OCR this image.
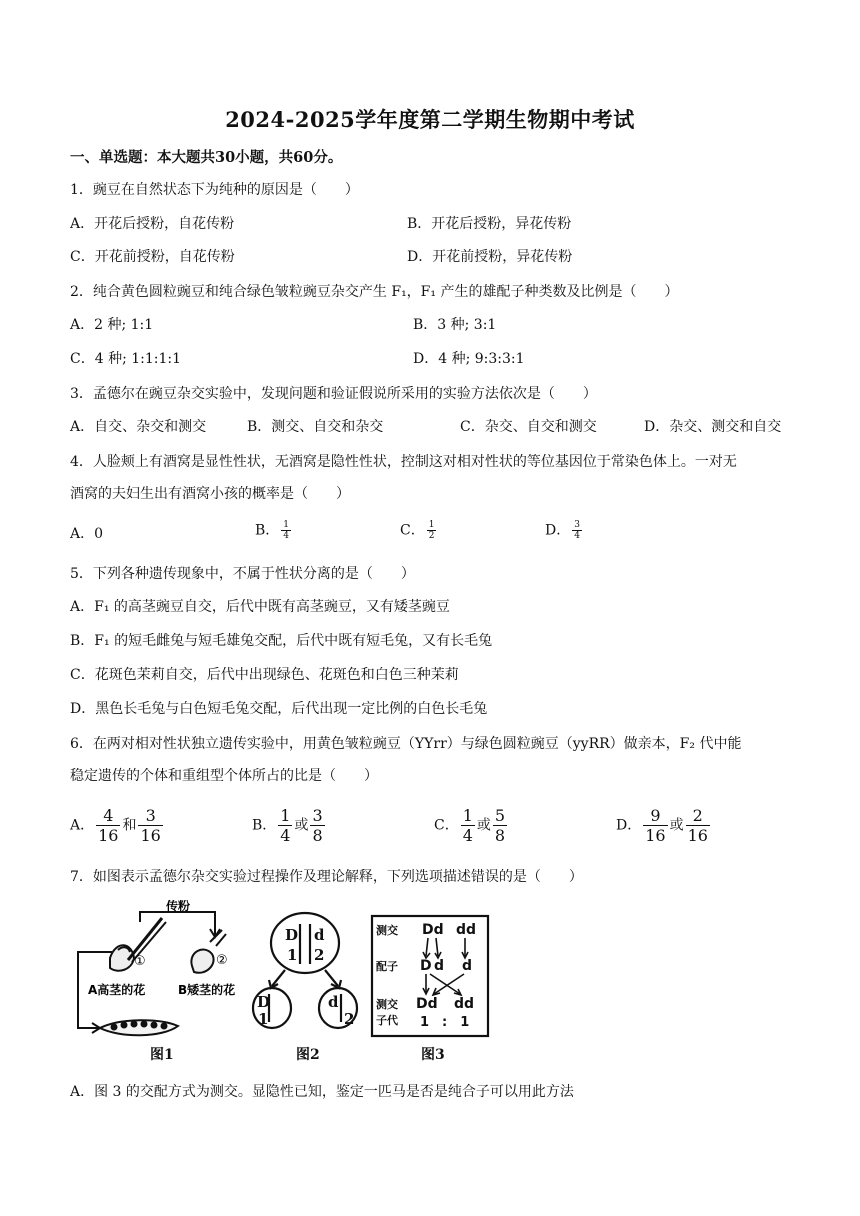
2024-2025学年度第二学期生物期中考试
一、单选题：本大题共30小题，共60分。
1．豌豆在自然状态下为纯种的原因是（　　）
A．开花后授粉，自花传粉	B．开花后授粉，异花传粉
C．开花前授粉，自花传粉	D．开花前授粉，异花传粉
2．纯合黄色圆粒豌豆和纯合绿色皱粒豌豆杂交产生 F₁，F₁ 产生的雄配子种类数及比例是（　　）
A．2 种; 1:1	B．3 种; 3:1
C．4 种; 1:1:1:1	D．4 种; 9:3:3:1
3．孟德尔在豌豆杂交实验中，发现问题和验证假说所采用的实验方法依次是（　　）
A．自交、杂交和测交	B．测交、自交和杂交	C．杂交、自交和测交	D．杂交、测交和自交
4．人脸颊上有酒窝是显性性状，无酒窝是隐性性状，控制这对相对性状的等位基因位于常染色体上。一对无
酒窝的夫妇生出有酒窝小孩的概率是（　　）
A．0	B． $\frac{1}{4}$	C． $\frac{1}{2}$	D． $\frac{3}{4}$
5．下列各种遗传现象中，不属于性状分离的是（　　）
A．F₁ 的高茎豌豆自交，后代中既有高茎豌豆，又有矮茎豌豆
B．F₁ 的短毛雌兔与短毛雄兔交配，后代中既有短毛兔，又有长毛兔
C．花斑色茉莉自交，后代中出现绿色、花斑色和白色三种茉莉
D．黑色长毛兔与白色短毛兔交配，后代出现一定比例的白色长毛兔
6．在两对相对性状独立遗传实验中，用黄色皱粒豌豆（YYrr）与绿色圆粒豌豆（yyRR）做亲本，F₂ 代中能
稳定遗传的个体和重组型个体所占的比是（　　）
A． $\frac{4}{16}$ 和 $\frac{3}{16}$	B． $\frac{1}{4}$ 或 $\frac{3}{8}$	C． $\frac{1}{4}$ 或 $\frac{5}{8}$	D． $\frac{9}{16}$ 或 $\frac{2}{16}$
7．如图表示孟德尔杂交实验过程操作及理论解释，下列选项描述错误的是（　　）
传粉
①	②
A高茎的花	B矮茎的花
图1
D
1
d
2
D
1
d
2
图2
测交 Dd dd
配子 D d d
测交
子代
Dd dd
1　:　1
图3
A．图 3 的交配方式为测交。显隐性已知，鉴定一匹马是否是纯合子可以用此方法
